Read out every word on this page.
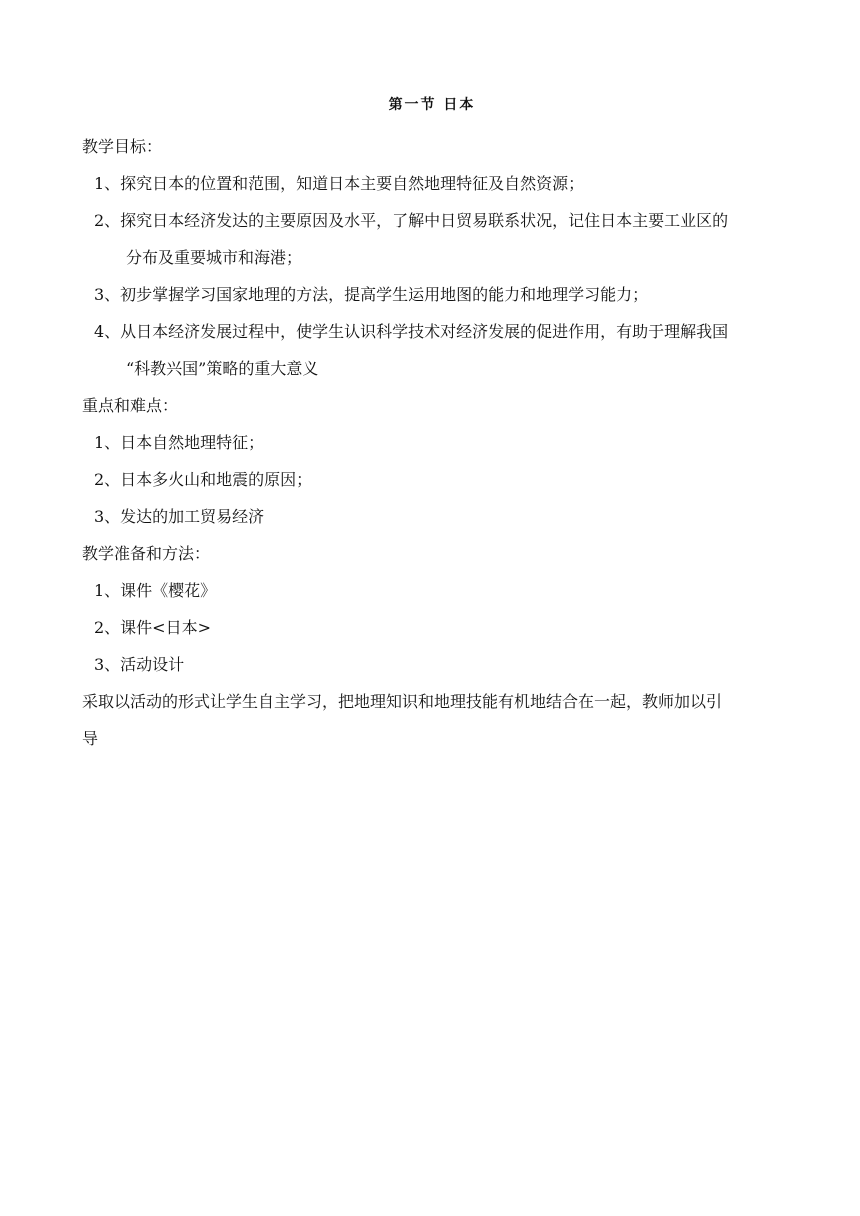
第一节 日本

教学目标：

1、探究日本的位置和范围，知道日本主要自然地理特征及自然资源；

2、探究日本经济发达的主要原因及水平，了解中日贸易联系状况，记住日本主要工业区的

分布及重要城市和海港；

3、初步掌握学习国家地理的方法，提高学生运用地图的能力和地理学习能力；

4、从日本经济发展过程中，使学生认识科学技术对经济发展的促进作用，有助于理解我国

“科教兴国”策略的重大意义

重点和难点：

1、日本自然地理特征；

2、日本多火山和地震的原因；

3、发达的加工贸易经济

教学准备和方法：

1、课件《樱花》

2、课件<日本>

3、活动设计

采取以活动的形式让学生自主学习，把地理知识和地理技能有机地结合在一起，教师加以引

导
